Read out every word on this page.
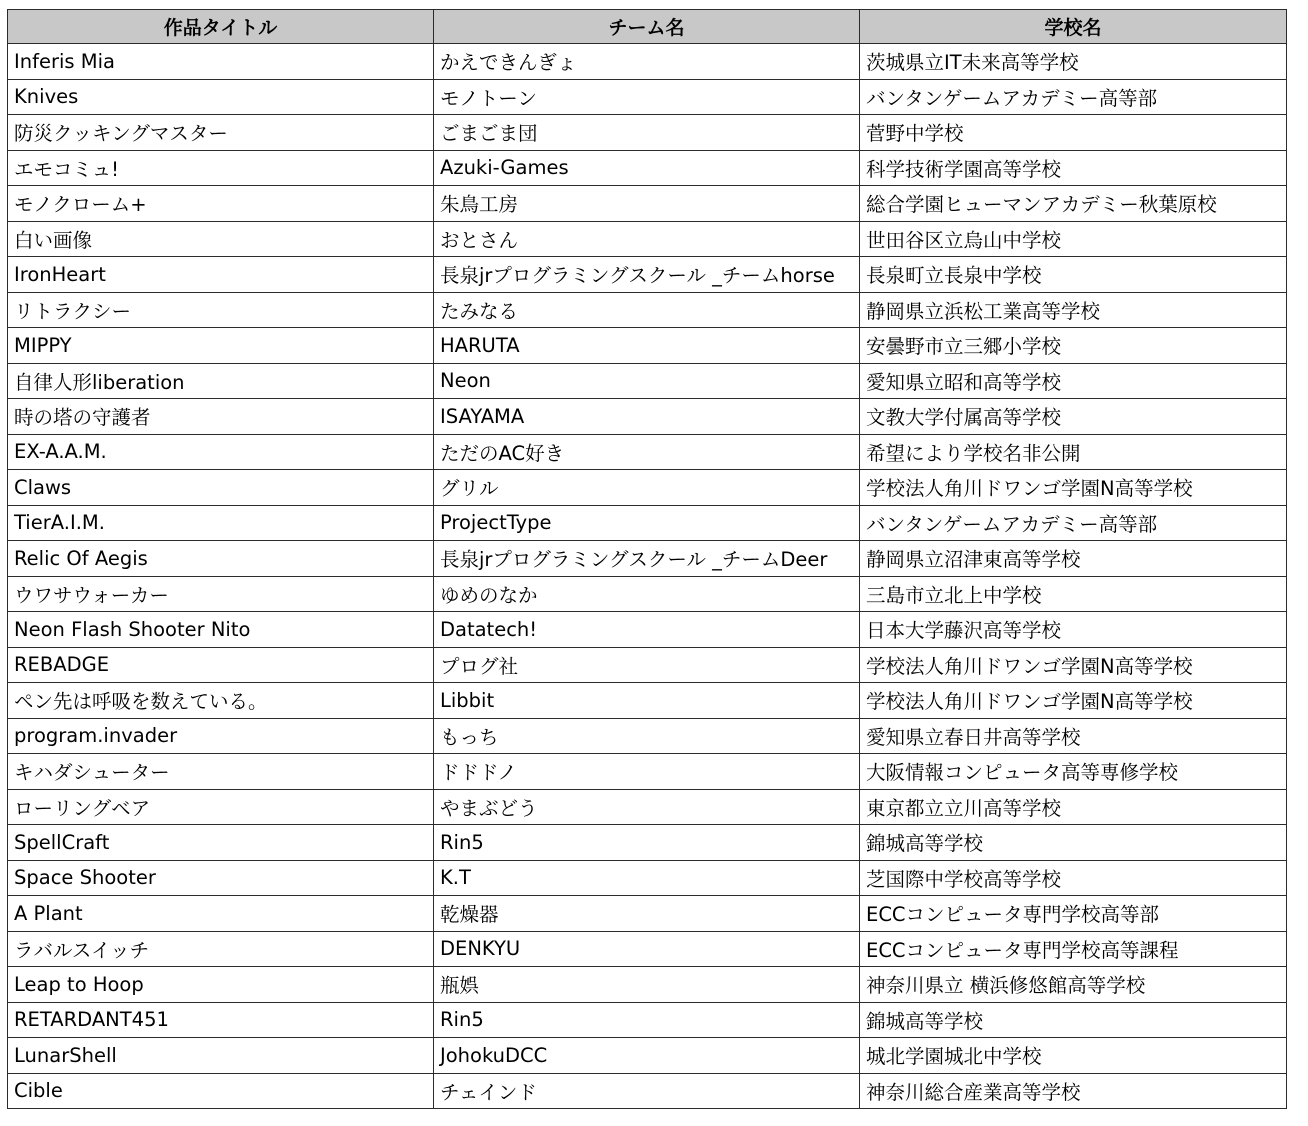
作品タイトル	チーム名	学校名
Inferis Mia	かえできんぎょ	茨城県立IT未来高等学校
Knives	モノトーン	バンタンゲームアカデミー高等部
防災クッキングマスター	ごまごま団	菅野中学校
エモコミュ!	Azuki-Games	科学技術学園高等学校
モノクローム+	朱鳥工房	総合学園ヒューマンアカデミー秋葉原校
白い画像	おとさん	世田谷区立烏山中学校
IronHeart	長泉jrプログラミングスクール _チームhorse	長泉町立長泉中学校
リトラクシー	たみなる	静岡県立浜松工業高等学校
MIPPY	HARUTA	安曇野市立三郷小学校
自律人形liberation	Neon	愛知県立昭和高等学校
時の塔の守護者	ISAYAMA	文教大学付属高等学校
EX-A.A.M.	ただのAC好き	希望により学校名非公開
Claws	グリル	学校法人角川ドワンゴ学園N高等学校
TierA.I.M.	ProjectType	バンタンゲームアカデミー高等部
Relic Of Aegis	長泉jrプログラミングスクール _チームDeer	静岡県立沼津東高等学校
ウワサウォーカー	ゆめのなか	三島市立北上中学校
Neon Flash Shooter Nito	Datatech!	日本大学藤沢高等学校
REBADGE	プログ社	学校法人角川ドワンゴ学園N高等学校
ペン先は呼吸を数えている。	Libbit	学校法人角川ドワンゴ学園N高等学校
program.invader	もっち	愛知県立春日井高等学校
キハダシューター	ドドドノ	大阪情報コンピュータ高等専修学校
ローリングベア	やまぶどう	東京都立立川高等学校
SpellCraft	Rin5	錦城高等学校
Space Shooter	K.T	芝国際中学校高等学校
A Plant	乾燥器	ECCコンピュータ専門学校高等部
ラバルスイッチ	DENKYU	ECCコンピュータ専門学校高等課程
Leap to Hoop	瓶娯	神奈川県立 横浜修悠館高等学校
RETARDANT451	Rin5	錦城高等学校
LunarShell	JohokuDCC	城北学園城北中学校
Cible	チェインド	神奈川総合産業高等学校
